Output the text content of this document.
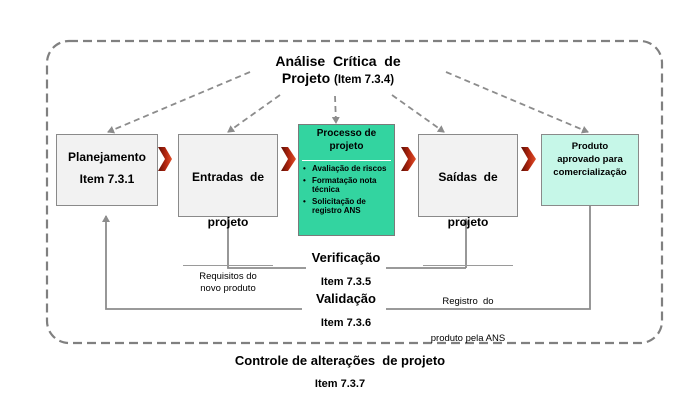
Análise  Crítica  de
Projeto (Item 7.3.4)
Planejamento
Item 7.3.1

	Entradas  de

projeto

Requisitos do
novo produto
Processo de
projeto
• Avaliação de riscos
• Formatação nota técnica
• Solicitação de registro ANS

Saídas  de

projeto

Registro  do

produto pela ANS

Produto
aprovado para
comercialização
Verificação
Item 7.3.5
Validação
Item 7.3.6
Controle de alterações  de projeto
Item 7.3.7
